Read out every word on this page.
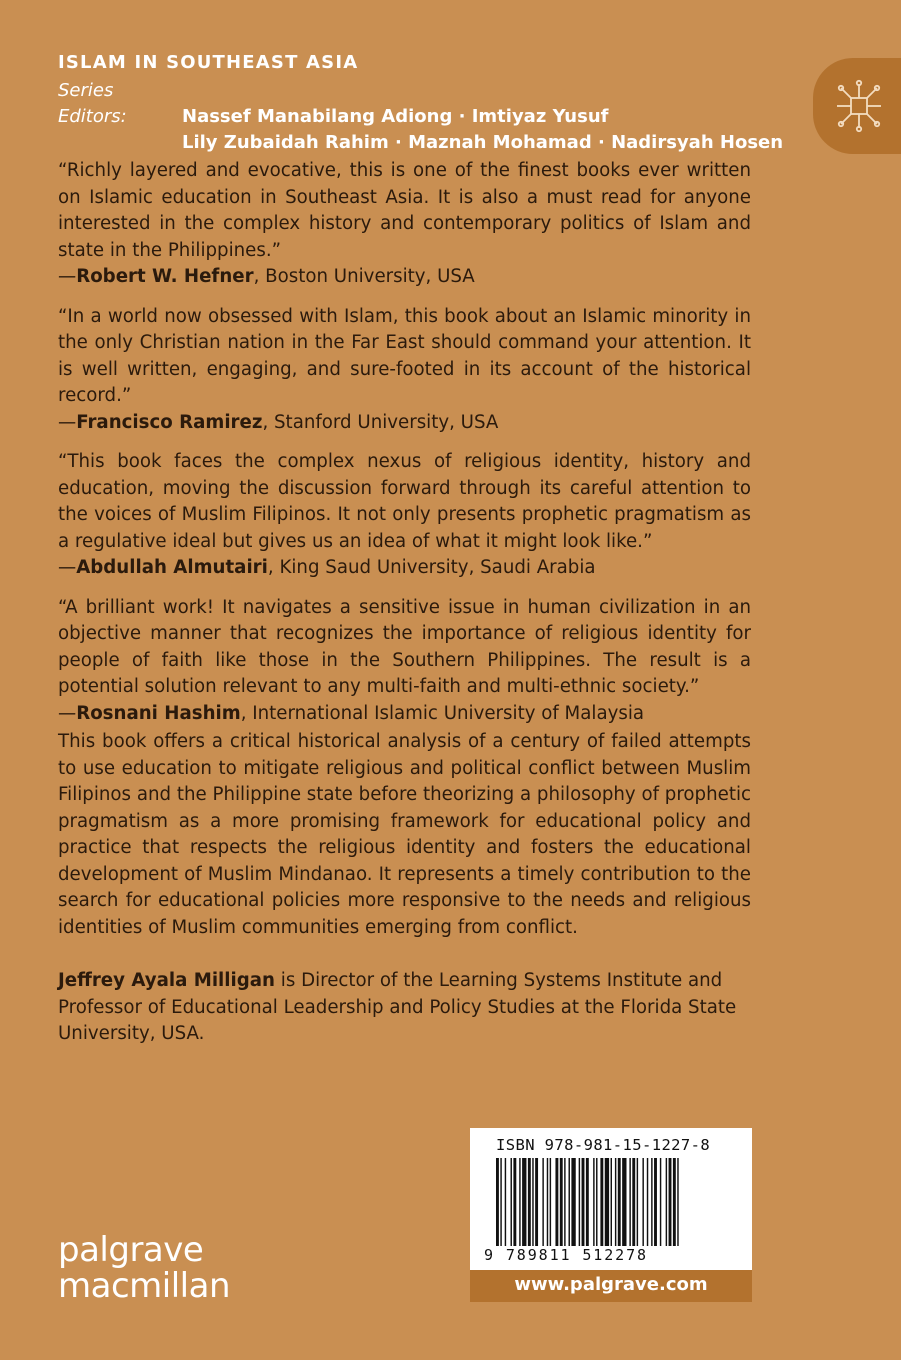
ISLAM IN SOUTHEAST ASIA
Series Editors:	Nassef Manabilang Adiong · Imtiyaz Yusuf
Lily Zubaidah Rahim · Maznah Mohamad · Nadirsyah Hosen

“Richly layered and evocative, this is one of the finest books ever written on Islamic education in Southeast Asia. It is also a must read for anyone interested in the complex history and contemporary politics of Islam and state in the Philippines.”

—Robert W. Hefner, Boston University, USA

“In a world now obsessed with Islam, this book about an Islamic minority in the only Christian nation in the Far East should command your attention. It is well written, engaging, and sure-footed in its account of the historical record.”

—Francisco Ramirez, Stanford University, USA

“This book faces the complex nexus of religious identity, history and education, moving the discussion forward through its careful attention to the voices of Muslim Filipinos. It not only presents prophetic pragmatism as a regulative ideal but gives us an idea of what it might look like.”

—Abdullah Almutairi, King Saud University, Saudi Arabia

“A brilliant work! It navigates a sensitive issue in human civilization in an objective manner that recognizes the importance of religious identity for people of faith like those in the Southern Philippines. The result is a potential solution relevant to any multi-faith and multi-ethnic society.”

—Rosnani Hashim, International Islamic University of Malaysia

This book offers a critical historical analysis of a century of failed attempts to use education to mitigate religious and political conflict between Muslim Filipinos and the Philippine state before theorizing a philosophy of prophetic pragmatism as a more promising framework for educational policy and practice that respects the religious identity and fosters the educational development of Muslim Mindanao. It represents a timely contribution to the search for educational policies more responsive to the needs and religious identities of Muslim communities emerging from conflict.

Jeffrey Ayala Milligan is Director of the Learning Systems Institute and Professor of Educational Leadership and Policy Studies at the Florida State University, USA.

ISBN 978-981-15-1227-8
9 789811 512278
www.palgrave.com
palgrave
macmillan
